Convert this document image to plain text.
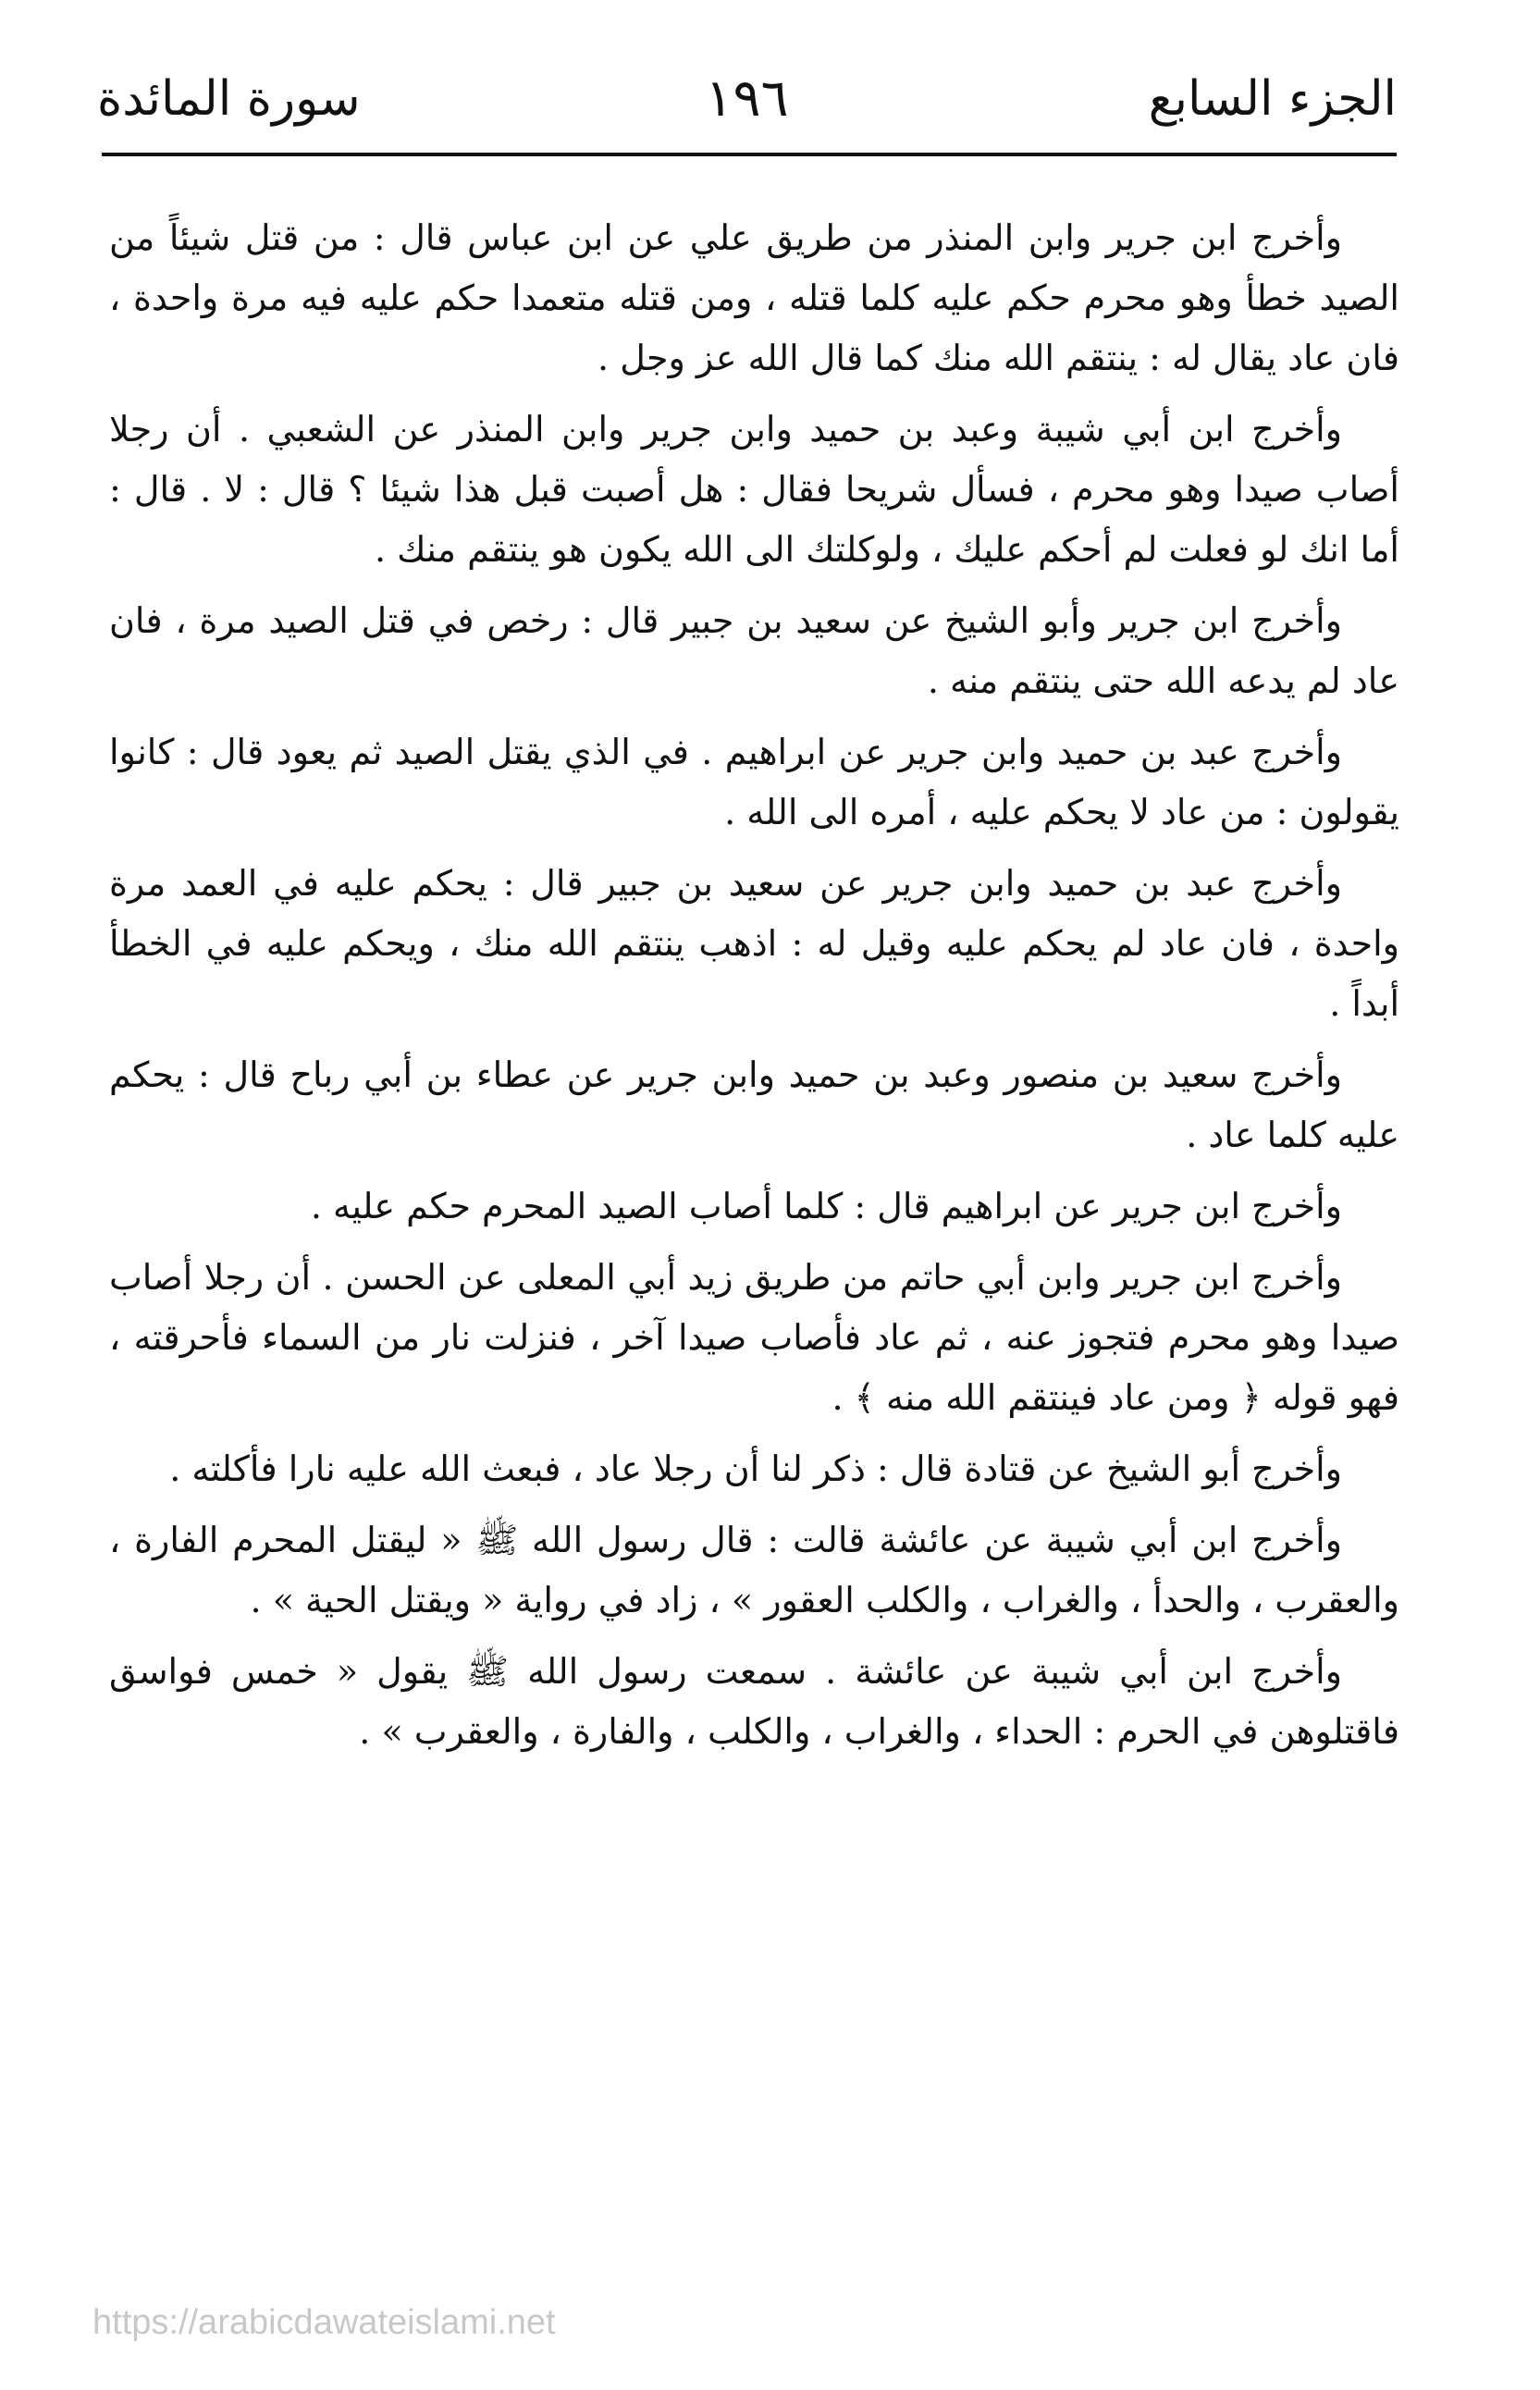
الجزء السابع
١٩٦
سورة المائدة

وأخرج ابن جرير وابن المنذر من طريق علي عن ابن عباس قال : من قتل شيئاً من الصيد خطأ وهو محرم حكم عليه كلما قتله ، ومن قتله متعمدا حكم عليه فيه مرة واحدة ، فان عاد يقال له : ينتقم الله منك كما قال الله عز وجل .

وأخرج ابن أبي شيبة وعبد بن حميد وابن جرير وابن المنذر عن الشعبي . أن رجلا أصاب صيدا وهو محرم ، فسأل شريحا فقال : هل أصبت قبل هذا شيئا ؟ قال : لا . قال : أما انك لو فعلت لم أحكم عليك ، ولوكلتك الى الله يكون هو ينتقم منك .

وأخرج ابن جرير وأبو الشيخ عن سعيد بن جبير قال : رخص في قتل الصيد مرة ، فان عاد لم يدعه الله حتى ينتقم منه .

وأخرج عبد بن حميد وابن جرير عن ابراهيم . في الذي يقتل الصيد ثم يعود قال : كانوا يقولون : من عاد لا يحكم عليه ، أمره الى الله .

وأخرج عبد بن حميد وابن جرير عن سعيد بن جبير قال : يحكم عليه في العمد مرة واحدة ، فان عاد لم يحكم عليه وقيل له : اذهب ينتقم الله منك ، ويحكم عليه في الخطأ أبداً .

وأخرج سعيد بن منصور وعبد بن حميد وابن جرير عن عطاء بن أبي رباح قال : يحكم عليه كلما عاد .

وأخرج ابن جرير عن ابراهيم قال : كلما أصاب الصيد المحرم حكم عليه .

وأخرج ابن جرير وابن أبي حاتم من طريق زيد أبي المعلى عن الحسن . أن رجلا أصاب صيدا وهو محرم فتجوز عنه ، ثم عاد فأصاب صيدا آخر ، فنزلت نار من السماء فأحرقته ، فهو قوله ﴿ ومن عاد فينتقم الله منه ﴾ .

وأخرج أبو الشيخ عن قتادة قال : ذكر لنا أن رجلا عاد ، فبعث الله عليه نارا فأكلته .

وأخرج ابن أبي شيبة عن عائشة قالت : قال رسول الله ﷺ « ليقتل المحرم الفارة ، والعقرب ، والحدأ ، والغراب ، والكلب العقور » ، زاد في رواية « ويقتل الحية » .

وأخرج ابن أبي شيبة عن عائشة . سمعت رسول الله ﷺ يقول « خمس فواسق فاقتلوهن في الحرم : الحداء ، والغراب ، والكلب ، والفارة ، والعقرب » .

https://arabicdawateislami.net
